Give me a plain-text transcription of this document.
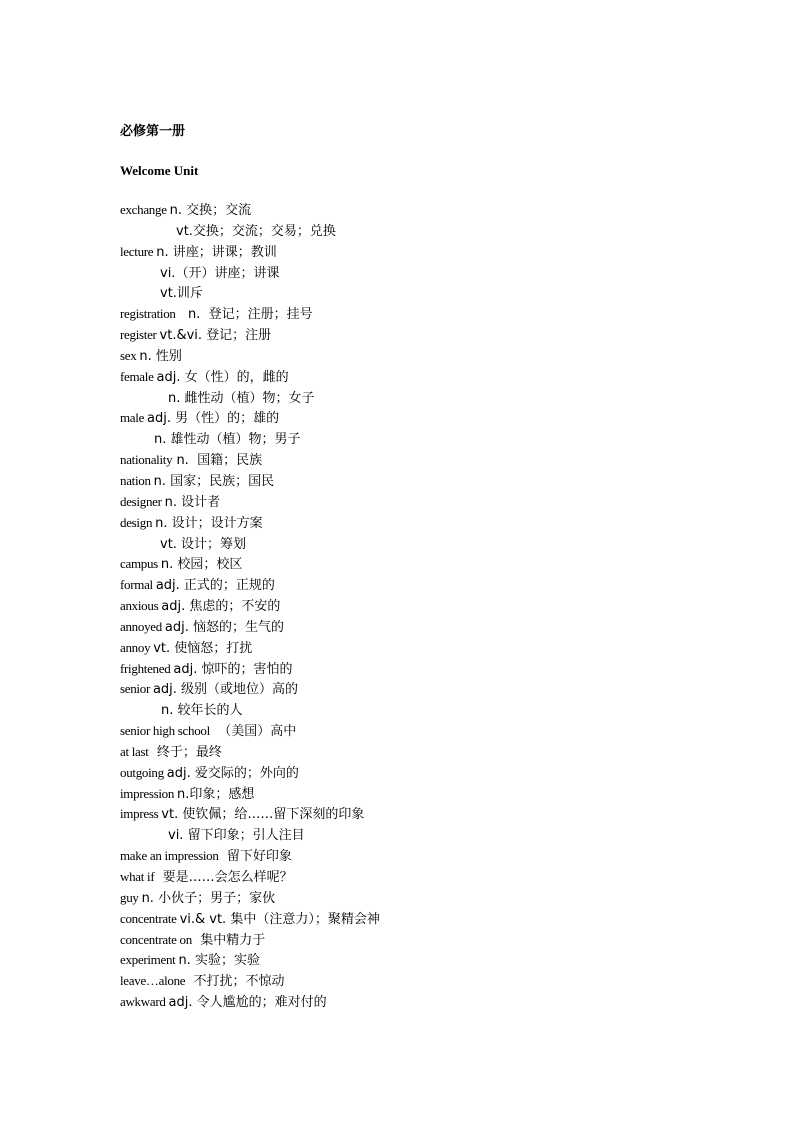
必修第一册
Welcome Unit
exchange n. 交换；交流
vt.交换；交流；交易；兑换
lecture n. 讲座；讲课；教训
vi.（开）讲座；讲课
vt.训斥
registration   n.  登记；注册；挂号
register vt.&vi. 登记；注册
sex n. 性别
female adj. 女（性）的，雌的
n. 雌性动（植）物；女子
male adj. 男（性）的；雄的
n. 雄性动（植）物；男子
nationality n.  国籍；民族
nation n. 国家；民族；国民
designer n. 设计者
design n. 设计；设计方案
vt. 设计；筹划
campus n. 校园；校区
formal adj. 正式的；正规的
anxious adj. 焦虑的；不安的
annoyed adj. 恼怒的；生气的
annoy vt. 使恼怒；打扰
frightened adj. 惊吓的；害怕的
senior adj. 级别（或地位）高的
n. 较年长的人
senior high school  （美国）高中
at last  终于；最终
outgoing adj. 爱交际的；外向的
impression n.印象；感想
impress vt. 使钦佩；给……留下深刻的印象
vi. 留下印象；引人注目
make an impression  留下好印象
what if  要是……会怎么样呢？
guy n. 小伙子；男子；家伙
concentrate vi.& vt. 集中（注意力）；聚精会神
concentrate on  集中精力于
experiment n. 实验；实验
leave…alone  不打扰；不惊动
awkward adj. 令人尴尬的；难对付的
